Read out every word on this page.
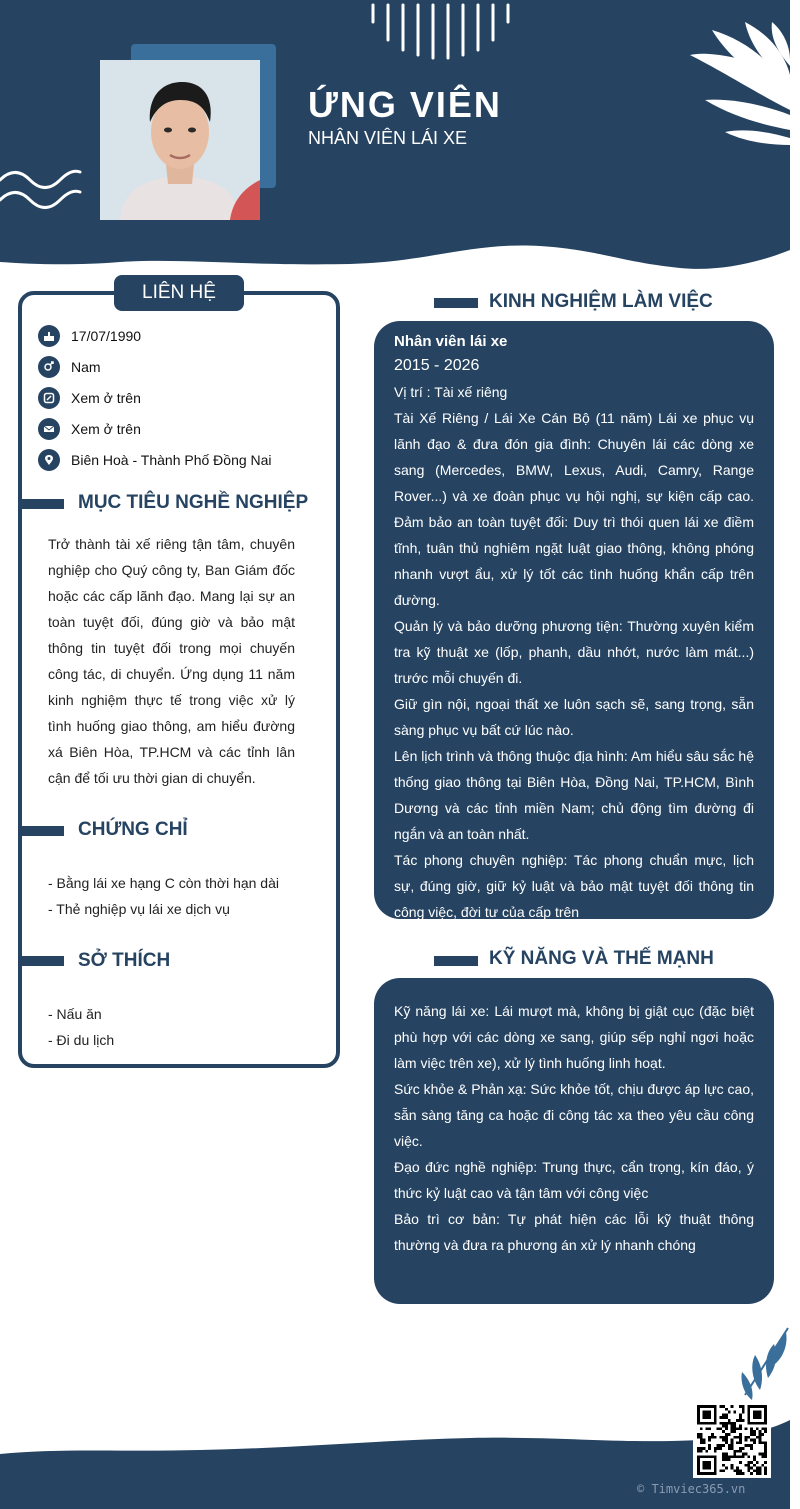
ỨNG VIÊN
NHÂN VIÊN LÁI XE
LIÊN HỆ
17/07/1990
Nam
Xem ở trên
Xem ở trên
Biên Hoà - Thành Phố Đồng Nai
MỤC TIÊU NGHỀ NGHIỆP
Trở thành tài xế riêng tận tâm, chuyên nghiệp cho Quý công ty, Ban Giám đốc hoặc các cấp lãnh đạo. Mang lại sự an toàn tuyệt đối, đúng giờ và bảo mật thông tin tuyệt đối trong mọi chuyến công tác, di chuyển. Ứng dụng 11 năm kinh nghiệm thực tế trong việc xử lý tình huống giao thông, am hiểu đường xá Biên Hòa, TP.HCM và các tỉnh lân cận để tối ưu thời gian di chuyển.
CHỨNG CHỈ
- Bằng lái xe hạng C còn thời hạn dài
- Thẻ nghiệp vụ lái xe dịch vụ
SỞ THÍCH
- Nấu ăn
- Đi du lịch
KINH NGHIỆM LÀM VIỆC
Nhân viên lái xe
2015 - 2026
Vị trí : Tài xế riêng
Tài Xế Riêng / Lái Xe Cán Bộ (11 năm) Lái xe phục vụ lãnh đạo & đưa đón gia đình: Chuyên lái các dòng xe sang (Mercedes, BMW, Lexus, Audi, Camry, Range Rover...) và xe đoàn phục vụ hội nghị, sự kiện cấp cao. Đảm bảo an toàn tuyệt đối: Duy trì thói quen lái xe điềm tĩnh, tuân thủ nghiêm ngặt luật giao thông, không phóng nhanh vượt ẩu, xử lý tốt các tình huống khẩn cấp trên đường.
Quản lý và bảo dưỡng phương tiện: Thường xuyên kiểm tra kỹ thuật xe (lốp, phanh, dầu nhớt, nước làm mát...) trước mỗi chuyến đi.
Giữ gìn nội, ngoại thất xe luôn sạch sẽ, sang trọng, sẵn sàng phục vụ bất cứ lúc nào.
Lên lịch trình và thông thuộc địa hình: Am hiểu sâu sắc hệ thống giao thông tại Biên Hòa, Đồng Nai, TP.HCM, Bình Dương và các tỉnh miền Nam; chủ động tìm đường đi ngắn và an toàn nhất.
Tác phong chuyên nghiệp: Tác phong chuẩn mực, lịch sự, đúng giờ, giữ kỷ luật và bảo mật tuyệt đối thông tin công việc, đời tư của cấp trên
KỸ NĂNG VÀ THẾ MẠNH
Kỹ năng lái xe: Lái mượt mà, không bị giật cục (đặc biệt phù hợp với các dòng xe sang, giúp sếp nghỉ ngơi hoặc làm việc trên xe), xử lý tình huống linh hoạt.
Sức khỏe & Phản xạ: Sức khỏe tốt, chịu được áp lực cao, sẵn sàng tăng ca hoặc đi công tác xa theo yêu cầu công việc.
Đạo đức nghề nghiệp: Trung thực, cẩn trọng, kín đáo, ý thức kỷ luật cao và tận tâm với công việc
Bảo trì cơ bản: Tự phát hiện các lỗi kỹ thuật thông thường và đưa ra phương án xử lý nhanh chóng
© Timviec365.vn
